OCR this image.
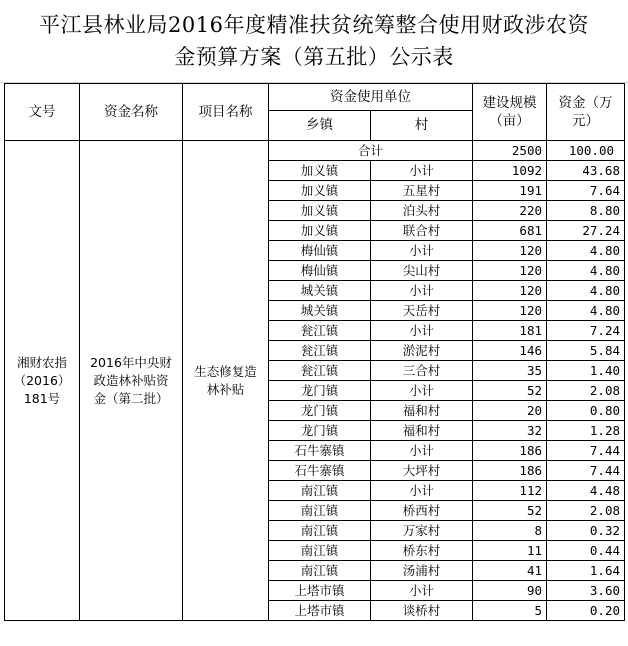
平江县林业局2016年度精准扶贫统筹整合使用财政涉农资
金预算方案（第五批）公示表
文号	资金名称	项目名称	资金使用单位		建设规模（亩）	资金（万元）
			乡镇	村		
湘财农指（2016）181号	2016年中央财政造林补贴资金（第二批）	生态修复造林补贴	合计		2500	100.00
			加义镇	小计	1092	43.68
			加义镇	五星村	191	7.64
			加义镇	泊头村	220	8.80
			加义镇	联合村	681	27.24
			梅仙镇	小计	120	4.80
			梅仙镇	尖山村	120	4.80
			城关镇	小计	120	4.80
			城关镇	天岳村	120	4.80
			瓮江镇	小计	181	7.24
			瓮江镇	淤泥村	146	5.84
			瓮江镇	三合村	35	1.40
			龙门镇	小计	52	2.08
			龙门镇	福和村	20	0.80
			龙门镇	福和村	32	1.28
			石牛寨镇	小计	186	7.44
			石牛寨镇	大坪村	186	7.44
			南江镇	小计	112	4.48
			南江镇	桥西村	52	2.08
			南江镇	万家村	8	0.32
			南江镇	桥东村	11	0.44
			南江镇	汤浦村	41	1.64
			上塔市镇	小计	90	3.60
			上塔市镇	谈桥村	5	0.20
